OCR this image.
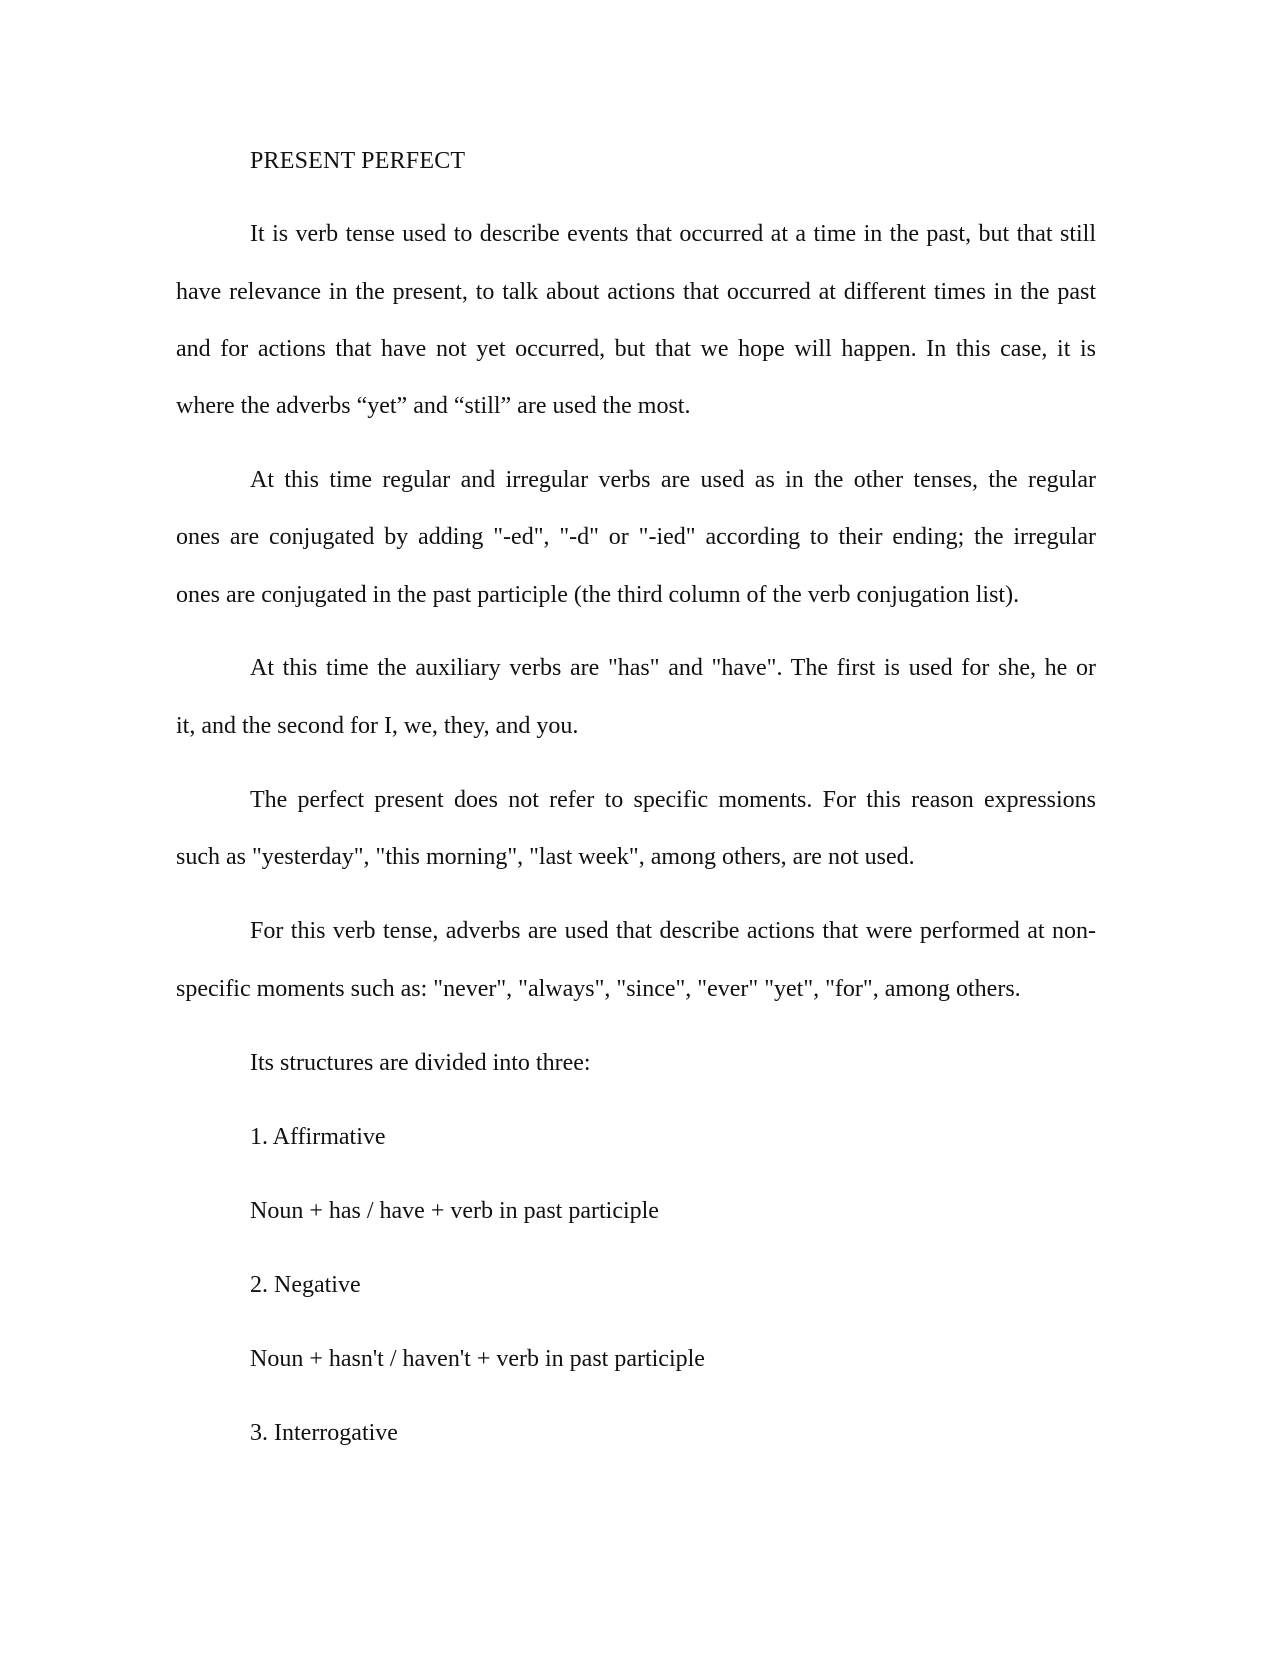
PRESENT PERFECT
It is verb tense used to describe events that occurred at a time in the past, but that still
have relevance in the present, to talk about actions that occurred at different times in the past
and for actions that have not yet occurred, but that we hope will happen. In this case, it is
where the adverbs “yet” and “still” are used the most.
At this time regular and irregular verbs are used as in the other tenses, the regular
ones are conjugated by adding "-ed", "-d" or "-ied" according to their ending; the irregular
ones are conjugated in the past participle (the third column of the verb conjugation list).
At this time the auxiliary verbs are "has" and "have". The first is used for she, he or
it, and the second for I, we, they, and you.
The perfect present does not refer to specific moments. For this reason expressions
such as "yesterday", "this morning", "last week", among others, are not used.
For this verb tense, adverbs are used that describe actions that were performed at non-
specific moments such as: "never", "always", "since", "ever" "yet", "for", among others.
Its structures are divided into three:
1. Affirmative
Noun + has / have + verb in past participle
2. Negative
Noun + hasn't / haven't + verb in past participle
3. Interrogative
